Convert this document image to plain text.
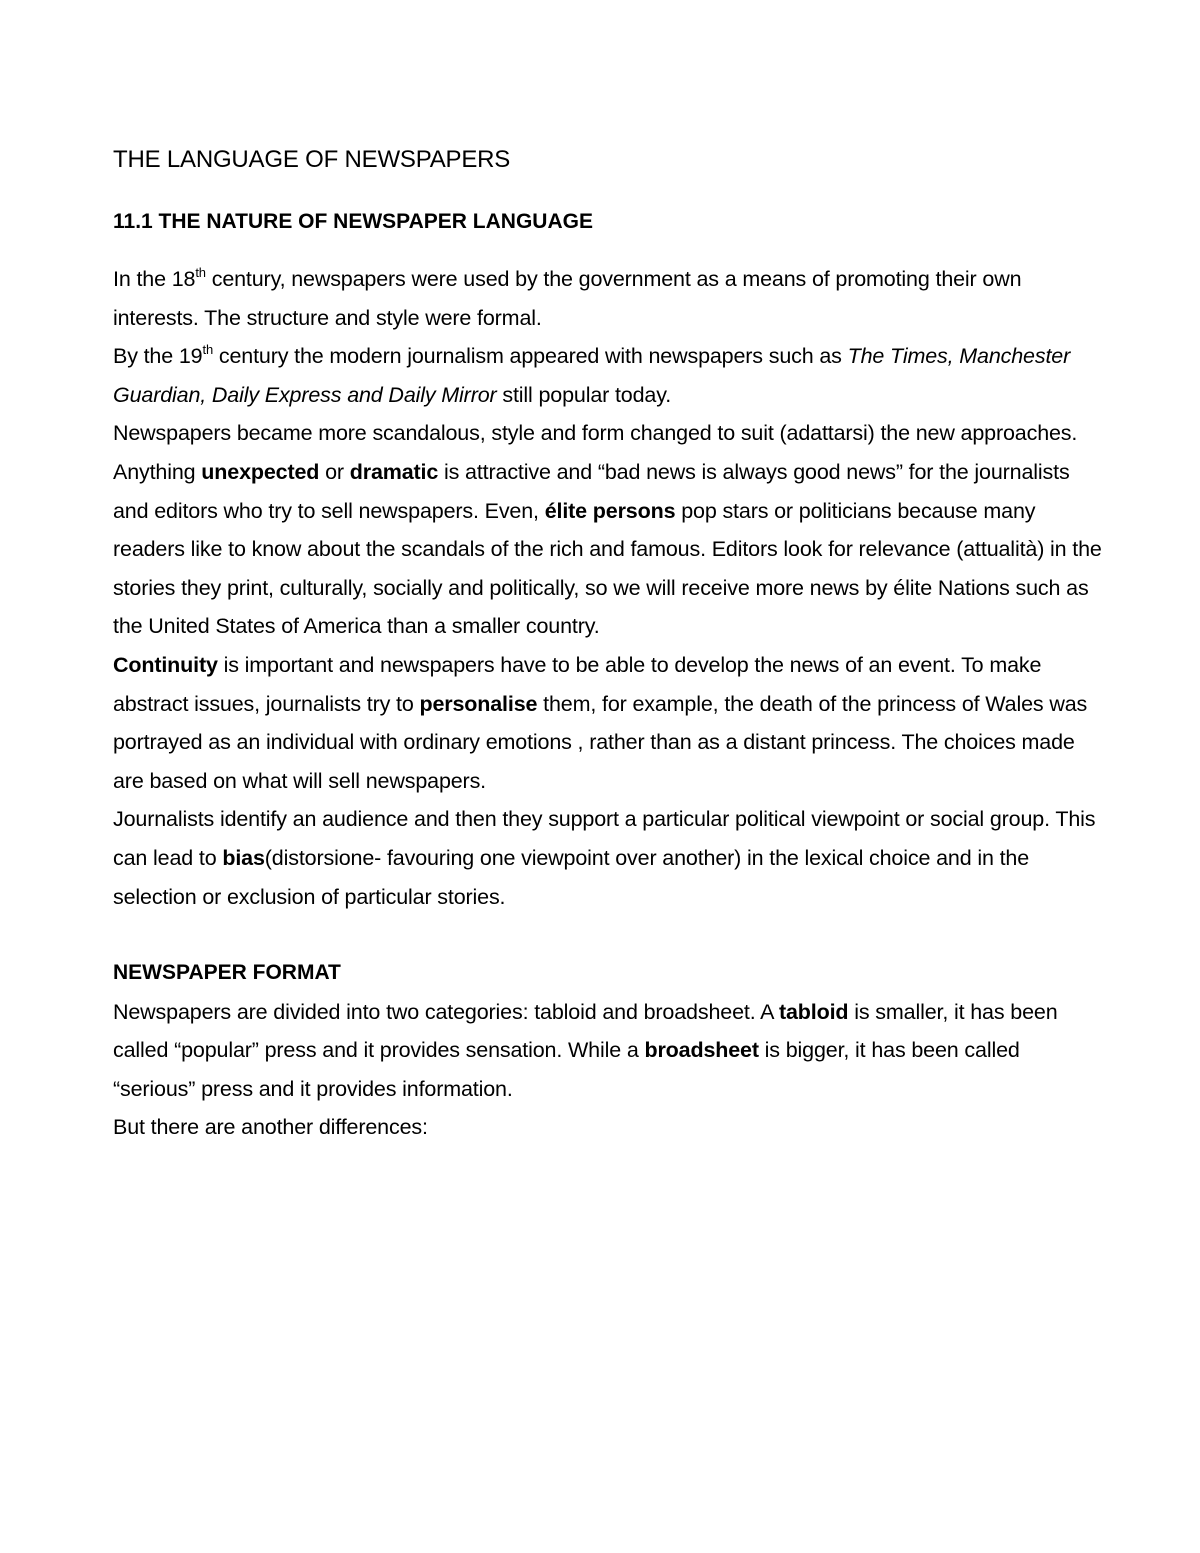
THE LANGUAGE OF NEWSPAPERS
11.1 THE NATURE OF NEWSPAPER LANGUAGE

In the 18th century, newspapers were used by the government as a means of promoting their own interests. The structure and style were formal.

By the 19th century the modern journalism appeared with newspapers such as The Times, Manchester Guardian, Daily Express and Daily Mirror still popular today.

Newspapers became more scandalous, style and form changed to suit (adattarsi) the new approaches.

Anything unexpected or dramatic is attractive and “bad news is always good news” for the journalists and editors who try to sell newspapers. Even, élite persons pop stars or politicians because many readers like to know about the scandals of the rich and famous. Editors look for relevance (attualità) in the stories they print, culturally, socially and politically, so we will receive more news by élite Nations such as the United States of America than a smaller country.

Continuity is important and newspapers have to be able to develop the news of an event. To make abstract issues, journalists try to personalise them, for example, the death of the princess of Wales was portrayed as an individual with ordinary emotions , rather than as a distant princess. The choices made are based on what will sell newspapers.

Journalists identify an audience and then they support a particular political viewpoint or social group. This can lead to bias(distorsione- favouring one viewpoint over another) in the lexical choice and in the selection or exclusion of particular stories.

NEWSPAPER FORMAT

Newspapers are divided into two categories: tabloid and broadsheet. A tabloid is smaller, it has been called “popular” press and it provides sensation. While a broadsheet is bigger, it has been called “serious” press and it provides information.

But there are another differences:
